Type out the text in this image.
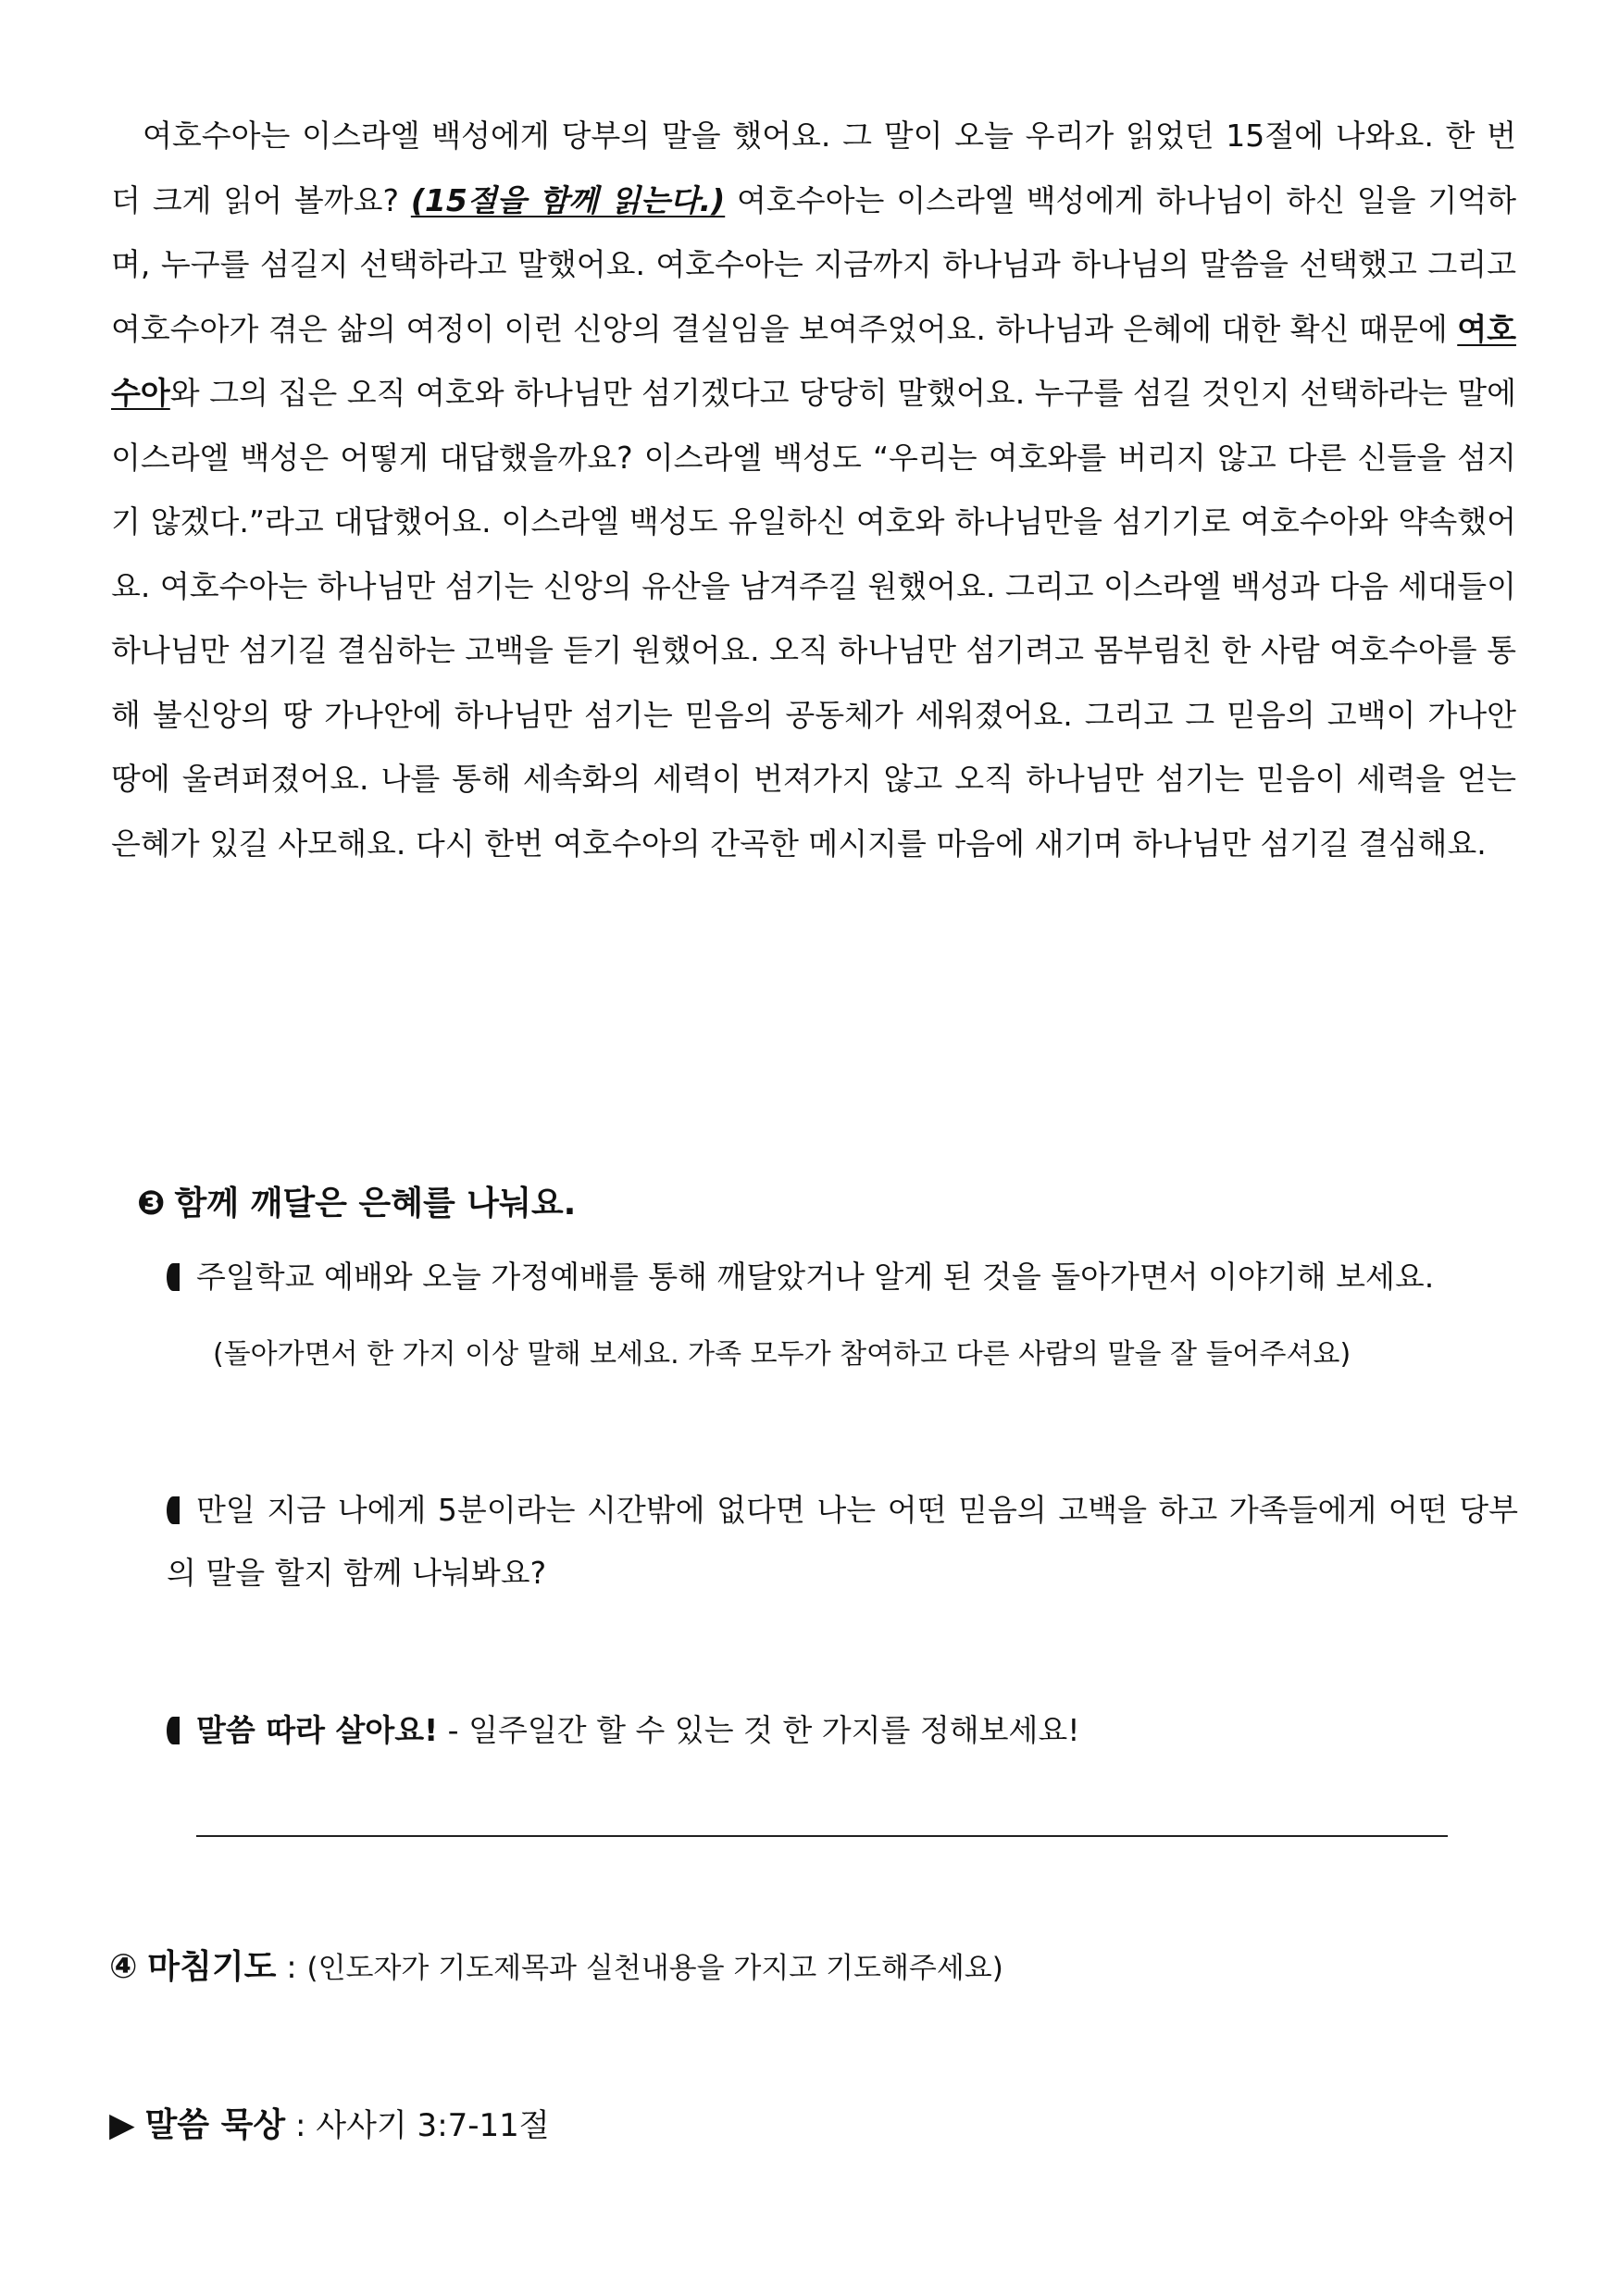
여호수아는 이스라엘 백성에게 당부의 말을 했어요. 그 말이 오늘 우리가 읽었던 15절에 나와요. 한 번 더 크게 읽어 볼까요? (15절을 함께 읽는다.) 여호수아는 이스라엘 백성에게 하나님이 하신 일을 기억하며, 누구를 섬길지 선택하라고 말했어요. 여호수아는 지금까지 하나님과 하나님의 말씀을 선택했고 그리고 여호수아가 겪은 삶의 여정이 이런 신앙의 결실임을 보여주었어요. 하나님과 은혜에 대한 확신 때문에 여호수아와 그의 집은 오직 여호와 하나님만 섬기겠다고 당당히 말했어요. 누구를 섬길 것인지 선택하라는 말에 이스라엘 백성은 어떻게 대답했을까요? 이스라엘 백성도 “우리는 여호와를 버리지 않고 다른 신들을 섬지기 않겠다.”라고 대답했어요. 이스라엘 백성도 유일하신 여호와 하나님만을 섬기기로 여호수아와 약속했어요. 여호수아는 하나님만 섬기는 신앙의 유산을 남겨주길 원했어요. 그리고 이스라엘 백성과 다음 세대들이 하나님만 섬기길 결심하는 고백을 듣기 원했어요. 오직 하나님만 섬기려고 몸부림친 한 사람 여호수아를 통해 불신앙의 땅 가나안에 하나님만 섬기는 믿음의 공동체가 세워졌어요. 그리고 그 믿음의 고백이 가나안 땅에 울려퍼졌어요. 나를 통해 세속화의 세력이 번져가지 않고 오직 하나님만 섬기는 믿음이 세력을 얻는 은혜가 있길 사모해요. 다시 한번 여호수아의 간곡한 메시지를 마음에 새기며 하나님만 섬기길 결심해요.

❸ 함께 깨달은 은혜를 나눠요.

주일학교 예배와 오늘 가정예배를 통해 깨달았거나 알게 된 것을 돌아가면서 이야기해 보세요.

(돌아가면서 한 가지 이상 말해 보세요. 가족 모두가 참여하고 다른 사람의 말을 잘 들어주셔요)

만일 지금 나에게 5분이라는 시간밖에 없다면 나는 어떤 믿음의 고백을 하고 가족들에게 어떤 당부의 말을 할지 함께 나눠봐요?

말씀 따라 살아요! - 일주일간 할 수 있는 것 한 가지를 정해보세요!

④ 마침기도 : (인도자가 기도제목과 실천내용을 가지고 기도해주세요)

▶ 말씀 묵상 : 사사기 3:7-11절
